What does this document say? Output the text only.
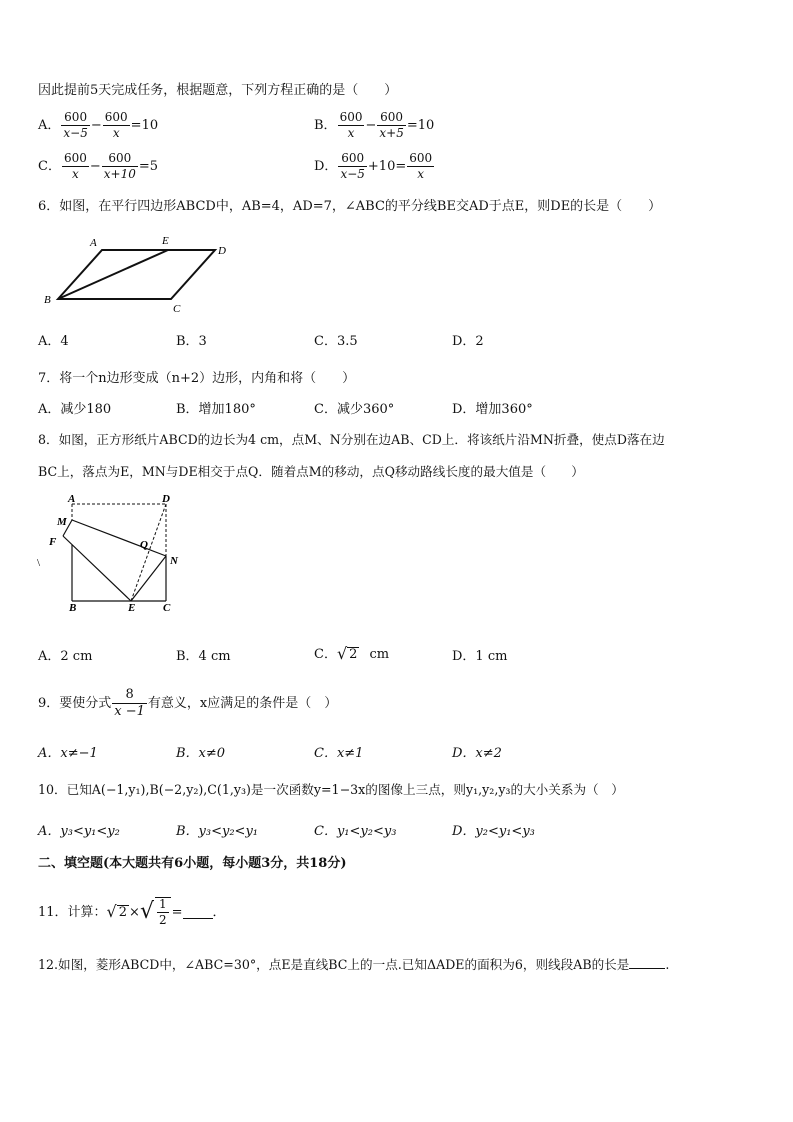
因此提前5天完成任务，根据题意，下列方程正确的是（　　）
A． $\frac{600}{x-5} - \frac{600}{x} =10$	B． $\frac{600}{x} - \frac{600}{x+5} =10$
C． $\frac{600}{x} - \frac{600}{x+10} =5$	D． $\frac{600}{x-5} +10= \frac{600}{x}$
6．如图，在平行四边形ABCD中，AB=4，AD=7，∠ABC的平分线BE交AD于点E，则DE的长是（　　）
A	E
D
B
C
A．4	B．3	C．3.5	D．2
7．将一个n边形变成（n+2）边形，内角和将（　　）
A．减少180	B．增加180°	C．减少360°	D．增加360°
8．如图，正方形纸片ABCD的边长为4 cm，点M、N分别在边AB、CD上．将该纸片沿MN折叠，使点D落在边
BC上，落点为E，MN与DE相交于点Q．随着点M的移动，点Q移动路线长度的最大值是（　　）
A	D
M
Q
F
N
B	E	C
\
A．2 cm	B．4 cm	C． √ 2 cm	D．1 cm
9．要使分式 $\frac{8}{x -1}$ 有意义，x应满足的条件是（　）
A．x≠−1	B．x≠0	C．x≠1	D．x≠2
10．已知A(−1,y₁),B(−2,y₂),C(1,y₃)是一次函数y=1−3x的图像上三点，则y₁,y₂,y₃的大小关系为（　）
A．y₃<y₁<y₂	B．y₃<y₂<y₁	C．y₁<y₂<y₃	D．y₂<y₁<y₃
二、填空题(本大题共有6小题，每小题3分，共18分)
11．计算： √ 2 × √ $\frac{1}{2}$ = ．
12.如图，菱形ABCD中，∠ABC=30°，点E是直线BC上的一点.已知ΔADE的面积为6，则线段AB的长是	.
